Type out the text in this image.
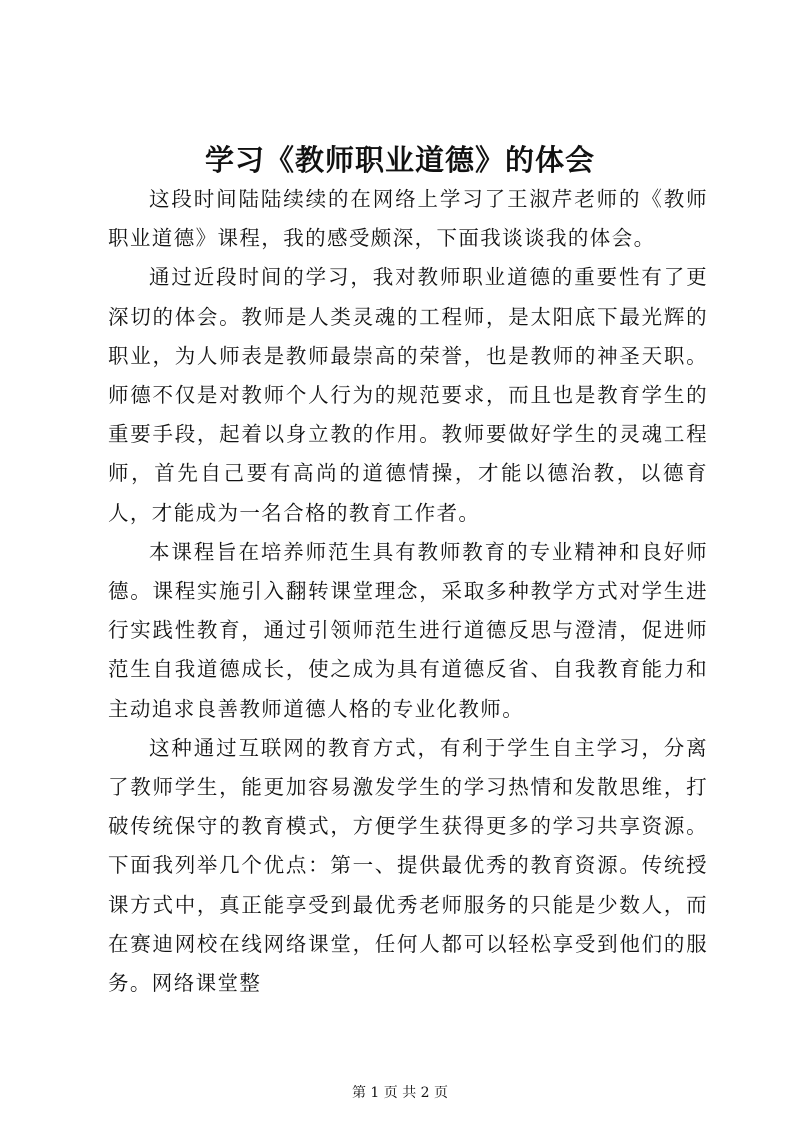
学习《教师职业道德》的体会

这段时间陆陆续续的在网络上学习了王淑芹老师的《教师职业道德》课程，我的感受颇深，下面我谈谈我的体会。

通过近段时间的学习，我对教师职业道德的重要性有了更深切的体会。教师是人类灵魂的工程师，是太阳底下最光辉的职业，为人师表是教师最崇高的荣誉，也是教师的神圣天职。师德不仅是对教师个人行为的规范要求，而且也是教育学生的重要手段，起着以身立教的作用。教师要做好学生的灵魂工程师，首先自己要有高尚的道德情操，才能以德治教，以德育人，才能成为一名合格的教育工作者。

本课程旨在培养师范生具有教师教育的专业精神和良好师德。课程实施引入翻转课堂理念，采取多种教学方式对学生进行实践性教育，通过引领师范生进行道德反思与澄清，促进师范生自我道德成长，使之成为具有道德反省、自我教育能力和主动追求良善教师道德人格的专业化教师。

这种通过互联网的教育方式，有利于学生自主学习，分离了教师学生，能更加容易激发学生的学习热情和发散思维，打破传统保守的教育模式，方便学生获得更多的学习共享资源。下面我列举几个优点：第一、提供最优秀的教育资源。传统授课方式中，真正能享受到最优秀老师服务的只能是少数人，而在赛迪网校在线网络课堂，任何人都可以轻松享受到他们的服务。网络课堂整

第 1 页 共 2 页
